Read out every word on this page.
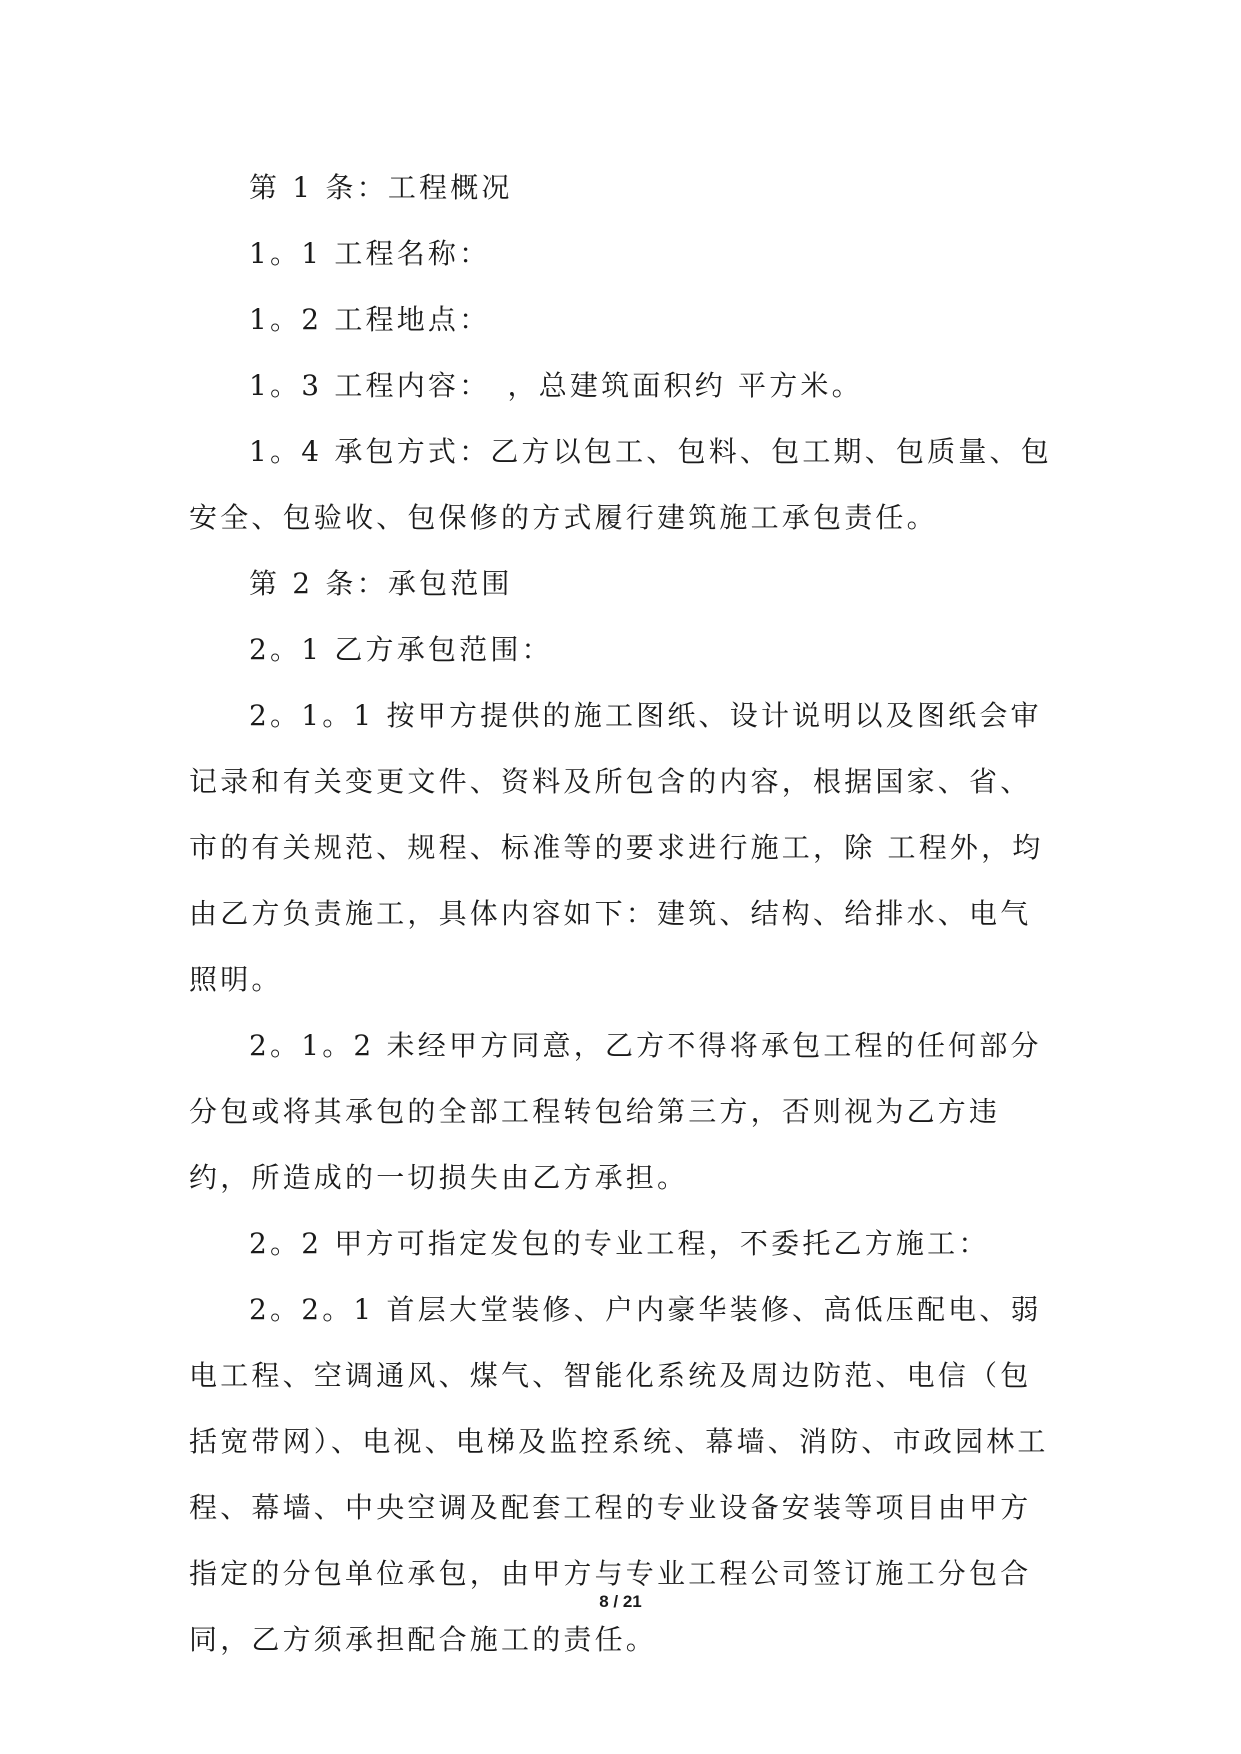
第 1 条：工程概况

1。1 工程名称：

1。2 工程地点：

1。3 工程内容：　，总建筑面积约 平方米。

1。4 承包方式：乙方以包工、包料、包工期、包质量、包安全、包验收、包保修的方式履行建筑施工承包责任。

第 2 条：承包范围

2。1 乙方承包范围：

2。1。1 按甲方提供的施工图纸、设计说明以及图纸会审记录和有关变更文件、资料及所包含的内容，根据国家、省、市的有关规范、规程、标准等的要求进行施工，除 工程外，均由乙方负责施工，具体内容如下：建筑、结构、给排水、电气照明。

2。1。2 未经甲方同意，乙方不得将承包工程的任何部分分包或将其承包的全部工程转包给第三方，否则视为乙方违约，所造成的一切损失由乙方承担。

2。2 甲方可指定发包的专业工程，不委托乙方施工：

2。2。1 首层大堂装修、户内豪华装修、高低压配电、弱电工程、空调通风、煤气、智能化系统及周边防范、电信（包括宽带网）、电视、电梯及监控系统、幕墙、消防、市政园林工程、幕墙、中央空调及配套工程的专业设备安装等项目由甲方指定的分包单位承包，由甲方与专业工程公司签订施工分包合同，乙方须承担配合施工的责任。

8 / 21
